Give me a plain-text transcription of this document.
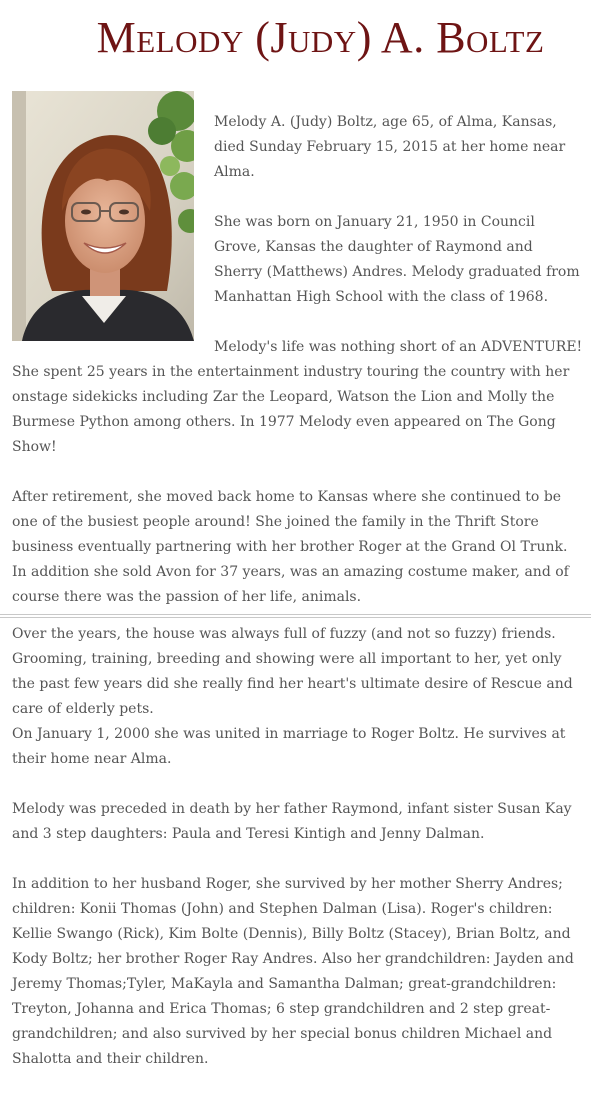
Melody (Judy) A. Boltz

Melody A. (Judy) Boltz, age 65, of Alma, Kansas, died Sunday February 15, 2015 at her home near Alma.

She was born on January 21, 1950 in Council Grove, Kansas the daughter of Raymond and Sherry (Matthews) Andres. Melody graduated from Manhattan High School with the class of 1968.

Melody's life was nothing short of an ADVENTURE! She spent 25 years in the entertainment industry touring the country with her onstage sidekicks including Zar the Leopard, Watson the Lion and Molly the Burmese Python among others. In 1977 Melody even appeared on The Gong Show!

After retirement, she moved back home to Kansas where she continued to be one of the busiest people around! She joined the family in the Thrift Store business eventually partnering with her brother Roger at the Grand Ol Trunk. In addition she sold Avon for 37 years, was an amazing costume maker, and of course there was the passion of her life, animals.

Over the years, the house was always full of fuzzy (and not so fuzzy) friends. Grooming, training, breeding and showing were all important to her, yet only the past few years did she really find her heart's ultimate desire of Rescue and care of elderly pets.

On January 1, 2000 she was united in marriage to Roger Boltz. He survives at their home near Alma.

Melody was preceded in death by her father Raymond, infant sister Susan Kay and 3 step daughters: Paula and Teresi Kintigh and Jenny Dalman.

In addition to her husband Roger, she survived by her mother Sherry Andres; children: Konii Thomas (John) and Stephen Dalman (Lisa). Roger's children: Kellie Swango (Rick), Kim Bolte (Dennis), Billy Boltz (Stacey), Brian Boltz, and Kody Boltz; her brother Roger Ray Andres. Also her grandchildren: Jayden and Jeremy Thomas;Tyler, MaKayla and Samantha Dalman; great-grandchildren: Treyton, Johanna and Erica Thomas; 6 step grandchildren and 2 step great-grandchildren; and also survived by her special bonus children Michael and Shalotta and their children.
